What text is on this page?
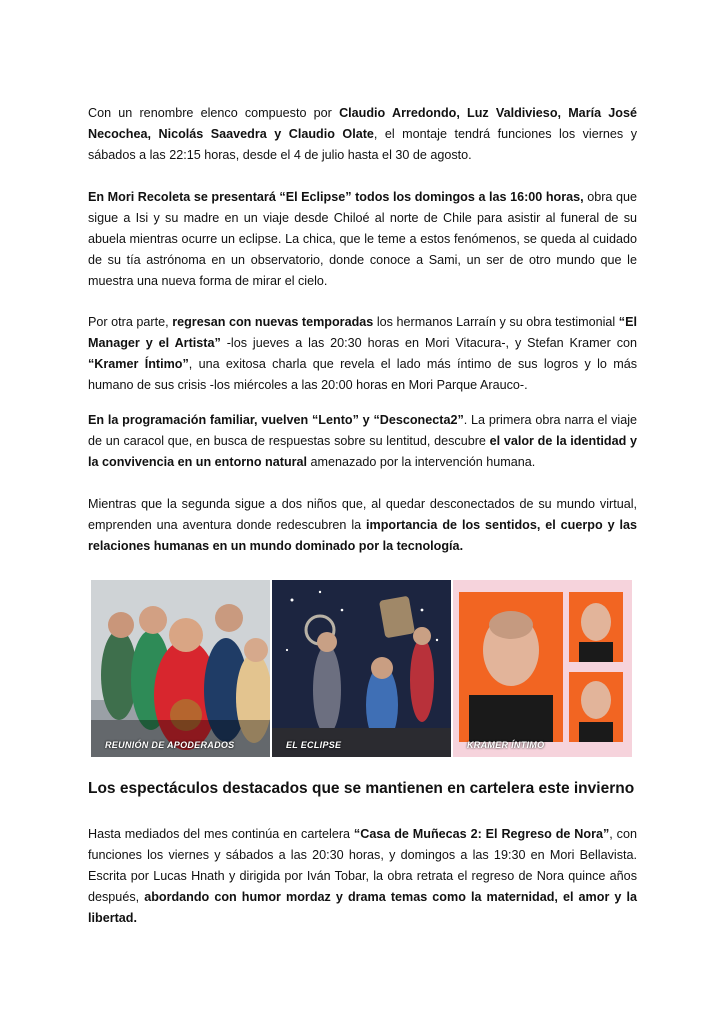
Con un renombre elenco compuesto por Claudio Arredondo, Luz Valdivieso, María José Necochea, Nicolás Saavedra y Claudio Olate, el montaje tendrá funciones los viernes y sábados a las 22:15 horas, desde el 4 de julio hasta el 30 de agosto.

En Mori Recoleta se presentará “El Eclipse” todos los domingos a las 16:00 horas, obra que sigue a Isi y su madre en un viaje desde Chiloé al norte de Chile para asistir al funeral de su abuela mientras ocurre un eclipse. La chica, que le teme a estos fenómenos, se queda al cuidado de su tía astrónoma en un observatorio, donde conoce a Sami, un ser de otro mundo que le muestra una nueva forma de mirar el cielo.

Por otra parte, regresan con nuevas temporadas los hermanos Larraín y su obra testimonial “El Manager y el Artista” -los jueves a las 20:30 horas en Mori Vitacura-, y Stefan Kramer con “Kramer Íntimo”, una exitosa charla que revela el lado más íntimo de sus logros y lo más humano de sus crisis -los miércoles a las 20:00 horas en Mori Parque Arauco-.

En la programación familiar, vuelven “Lento” y “Desconecta2”. La primera obra narra el viaje de un caracol que, en busca de respuestas sobre su lentitud, descubre el valor de la identidad y la convivencia en un entorno natural amenazado por la intervención humana.

Mientras que la segunda sigue a dos niños que, al quedar desconectados de su mundo virtual, emprenden una aventura donde redescubren la importancia de los sentidos, el cuerpo y las relaciones humanas en un mundo dominado por la tecnología.

REUNIÓN DE APODERADOS	EL ECLIPSE	KRAMER ÍNTIMO
Los espectáculos destacados que se mantienen en cartelera este invierno

Hasta mediados del mes continúa en cartelera “Casa de Muñecas 2: El Regreso de Nora”, con funciones los viernes y sábados a las 20:30 horas, y domingos a las 19:30 en Mori Bellavista. Escrita por Lucas Hnath y dirigida por Iván Tobar, la obra retrata el regreso de Nora quince años después, abordando con humor mordaz y drama temas como la maternidad, el amor y la libertad.
